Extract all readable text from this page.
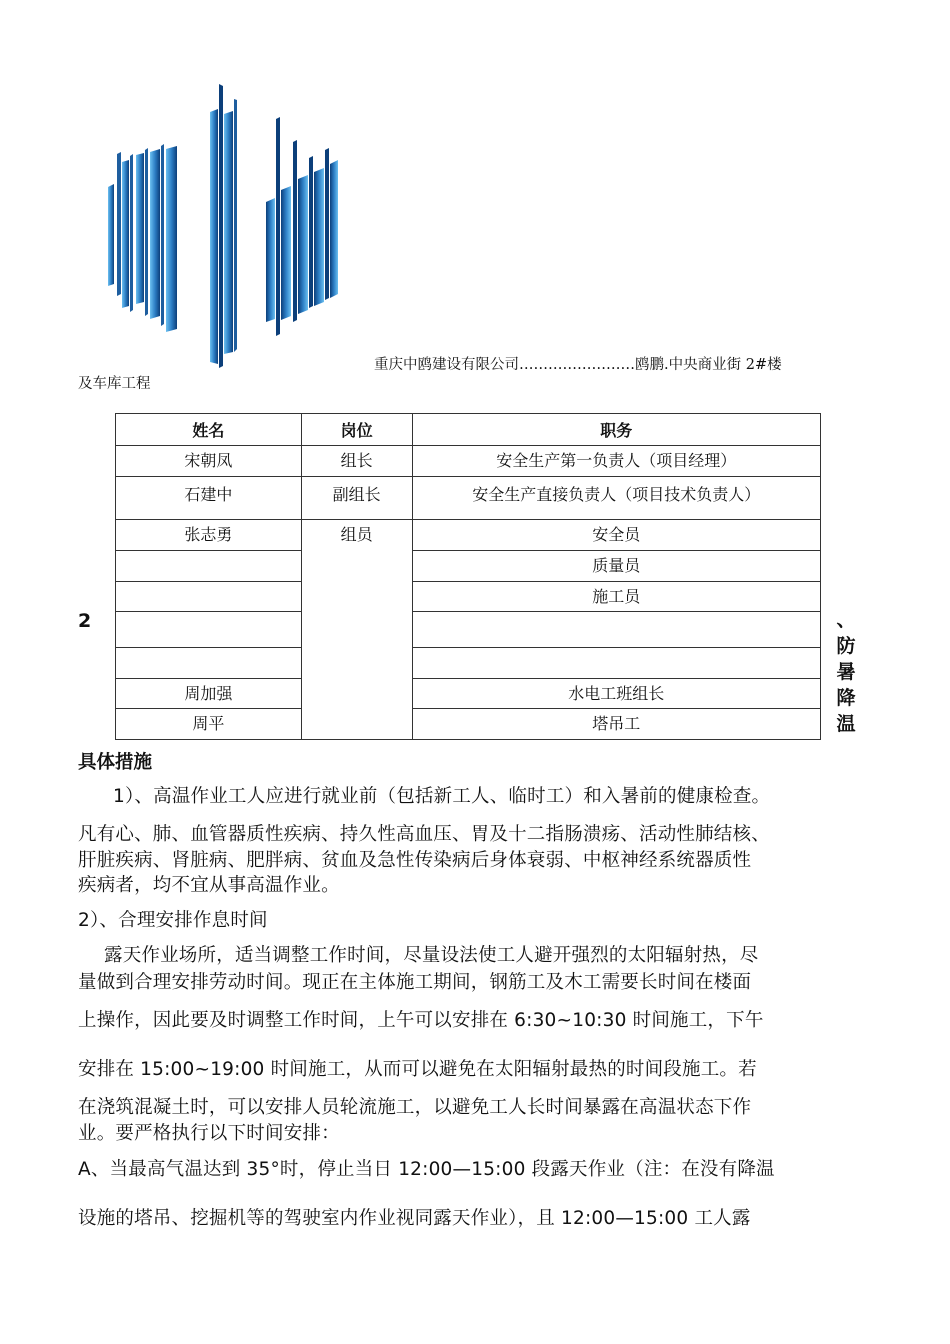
重庆中鸥建设有限公司……………………鸥鹏.中央商业街 2#楼
及车库工程
姓名	岗位	职务
宋朝凤	组长	安全生产第一负责人（项目经理）
石建中	副组长	安全生产直接负责人（项目技术负责人）
张志勇	组员	安全员
		质量员
		施工员

周加强		水电工班组长
周平		塔吊工
2	、
防
暑
降
温
具体措施
1）、高温作业工人应进行就业前（包括新工人、临时工）和入暑前的健康检查。
凡有心、肺、血管器质性疾病、持久性高血压、胃及十二指肠溃疡、活动性肺结核、
肝脏疾病、肾脏病、肥胖病、贫血及急性传染病后身体衰弱、中枢神经系统器质性
疾病者，均不宜从事高温作业。
2）、合理安排作息时间
露天作业场所，适当调整工作时间，尽量设法使工人避开强烈的太阳辐射热，尽
量做到合理安排劳动时间。现正在主体施工期间，钢筋工及木工需要长时间在楼面
上操作，因此要及时调整工作时间，上午可以安排在 6:30~10:30 时间施工，下午
安排在 15:00~19:00 时间施工，从而可以避免在太阳辐射最热的时间段施工。若
在浇筑混凝土时，可以安排人员轮流施工，以避免工人长时间暴露在高温状态下作
业。要严格执行以下时间安排：
A、当最高气温达到 35°时，停止当日 12:00—15:00 段露天作业（注：在没有降温
设施的塔吊、挖掘机等的驾驶室内作业视同露天作业），且 12:00—15:00 工人露
